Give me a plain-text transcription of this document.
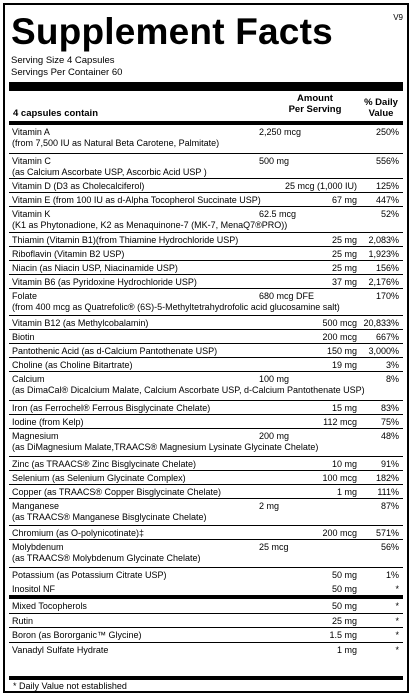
Supplement Facts	V9
Serving Size 4 Capsules
Servings Per Container 60
4 capsules contain
Amount
Per Serving
% Daily
Value
Vitamin A
(from 7,500 IU as Natural Beta Carotene, Palmitate)
2,250 mcg	250%
Vitamin C
(as Calcium Ascorbate USP, Ascorbic Acid USP )
500 mg	556%
Vitamin D (D3 as Cholecalciferol)	25 mcg (1,000 IU) 125%
Vitamin E (from 100 IU as d-Alpha Tocopherol Succinate USP)	67 mg 447%
Vitamin K
(K1 as Phytonadione, K2 as Menaquinone-7 (MK-7, MenaQ7®PRO))
62.5 mcg	52%
Thiamin (Vitamin B1)(from Thiamine Hydrochloride USP)	25 mg 2,083%
Riboflavin (Vitamin B2 USP)	25 mg 1,923%
Niacin (as Niacin USP, Niacinamide USP)	25 mg 156%
Vitamin B6 (as Pyridoxine Hydrochloride USP)	37 mg 2,176%
Folate
(from 400 mcg as Quatrefolic® (6S)-5-Methyltetrahydrofolic acid glucosamine salt)
680 mcg DFE	170%
Vitamin B12 (as Methylcobalamin)	500 mcg 20,833%
Biotin	200 mcg 667%
Pantothenic Acid (as d-Calcium Pantothenate USP)	150 mg 3,000%
Choline (as Choline Bitartrate)	19 mg	3%
Calcium
(as DimaCal® Dicalcium Malate, Calcium Ascorbate USP, d-Calcium Pantothenate USP)
100 mg	8%
Iron (as Ferrochel® Ferrous Bisglycinate Chelate)	15 mg	83%
Iodine (from Kelp)	112 mcg	75%
Magnesium
(as DiMagnesium Malate,TRAACS® Magnesium Lysinate Glycinate Chelate)
200 mg	48%
Zinc (as TRAACS® Zinc Bisglycinate Chelate)	10 mg	91%
Selenium (as Selenium Glycinate Complex)	100 mcg 182%
Copper (as TRAACS® Copper Bisglycinate Chelate)	1 mg 111%
Manganese
(as TRAACS® Manganese Bisglycinate Chelate)
2 mg	87%
Chromium (as O-polynicotinate)‡	200 mcg 571%
Molybdenum
(as TRAACS® Molybdenum Glycinate Chelate)
25 mcg	56%
Potassium (as Potassium Citrate USP)	50 mg	1%
Inositol NF	50 mg	*
Mixed Tocopherols	50 mg	*
Rutin	25 mg	*
Boron (as Bororganic™ Glycine)	1.5 mg	*
Vanadyl Sulfate Hydrate	1 mg	*
* Daily Value not established
